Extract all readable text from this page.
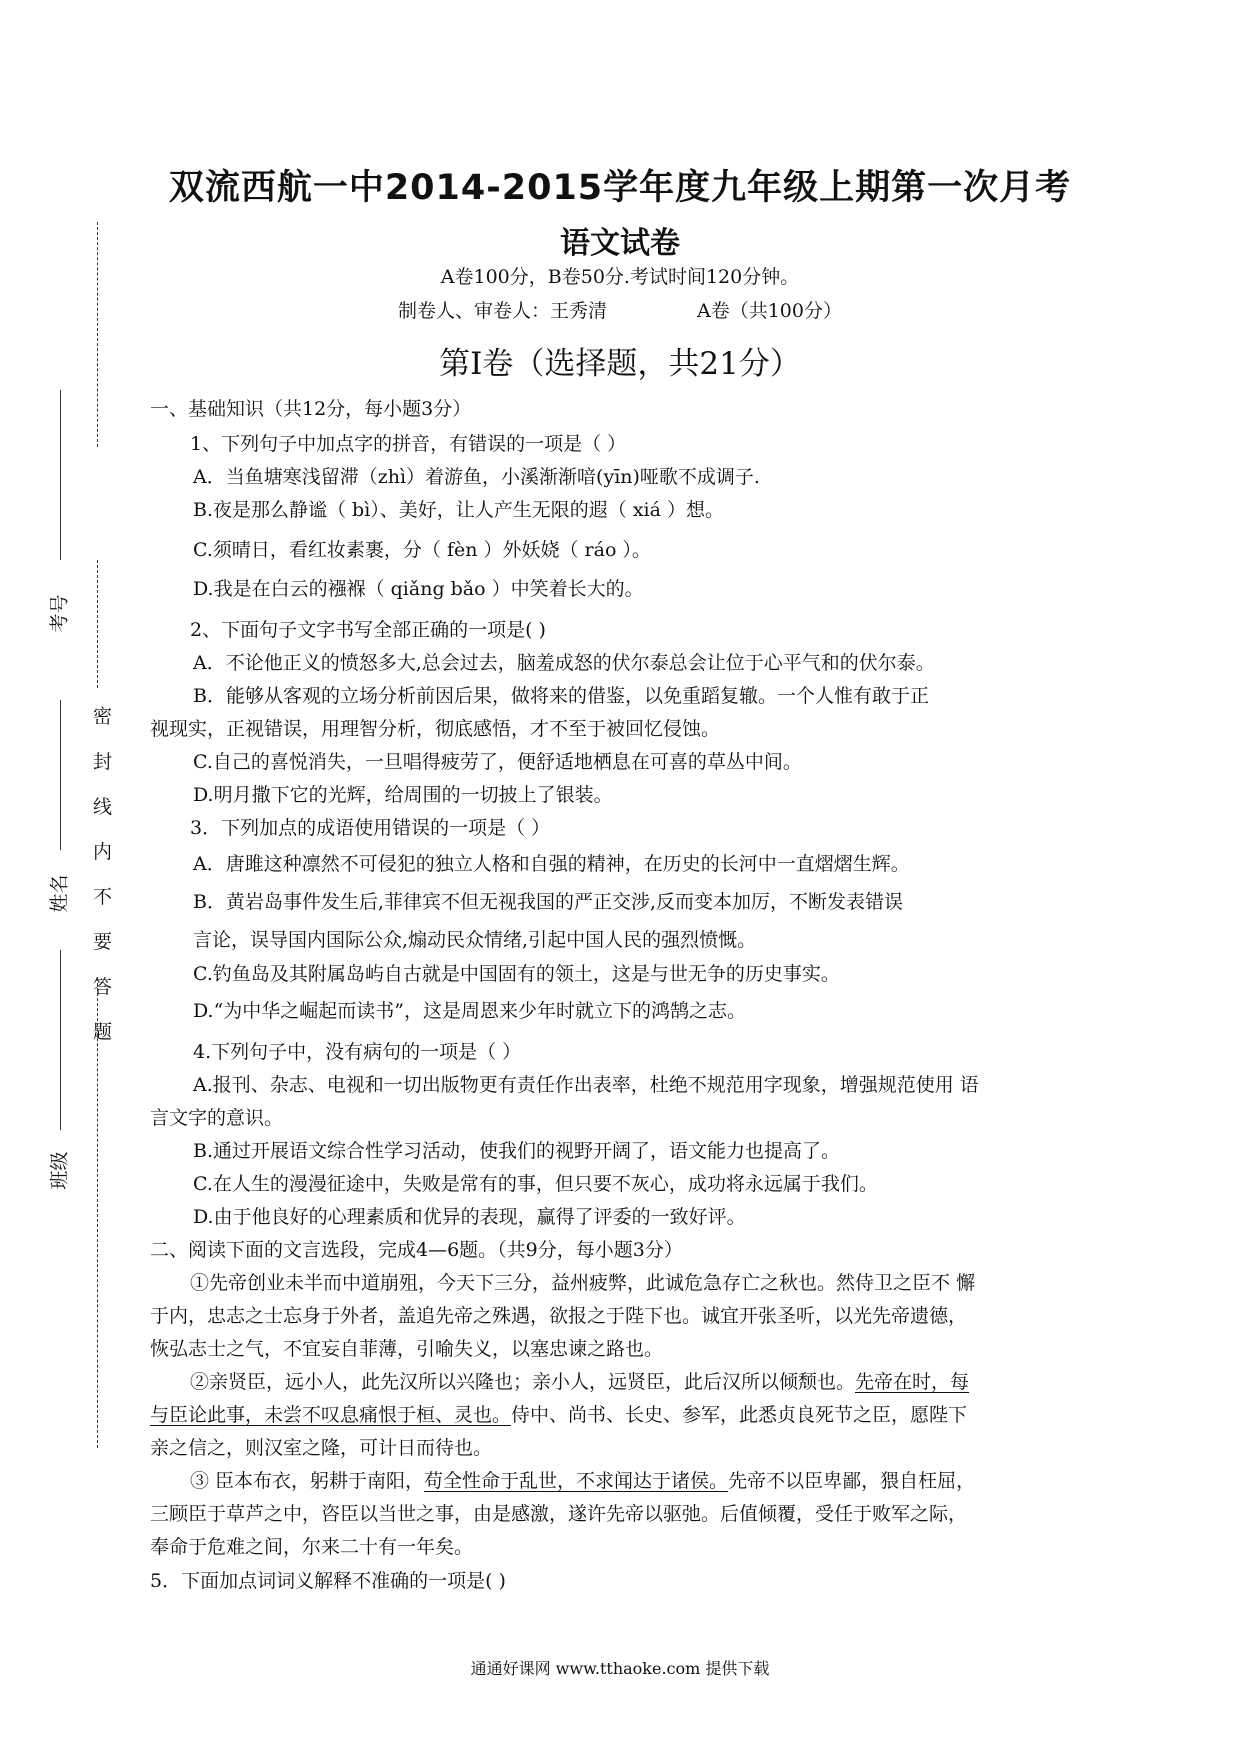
双流西航一中2014-2015学年度九年级上期第一次月考
语文试卷
A卷100分，B卷50分.考试时间120分钟。
制卷人、审卷人：王秀清	A卷（共100分）
第Ⅰ卷（选择题，共21分）
一、基础知识（共12分，每小题3分）
1、下列句子中加点字的拼音，有错误的一项是（ ）
A．当鱼塘寒浅留滞（zhì）着游鱼，小溪渐渐喑(yīn)哑歌不成调子.
B.夜是那么静谧（ bì）、美好，让人产生无限的遐（ xiá ）想。
C.须晴日，看红妆素裹，分（ fèn ）外妖娆（ ráo ）。
D.我是在白云的襁褓（ qiǎng bǎo ）中笑着长大的。
2、下面句子文字书写全部正确的一项是( )
A．不论他正义的愤怒多大,总会过去，脑羞成怒的伏尔泰总会让位于心平气和的伏尔泰。
B．能够从客观的立场分析前因后果，做将来的借鉴，以免重蹈复辙。一个人惟有敢于正
视现实，正视错误，用理智分析，彻底感悟，才不至于被回忆侵蚀。
C.自己的喜悦消失，一旦唱得疲劳了，便舒适地栖息在可喜的草丛中间。
D.明月撒下它的光辉，给周围的一切披上了银装。
3．下列加点的成语使用错误的一项是（ ）
A．唐雎这种凛然不可侵犯的独立人格和自强的精神，在历史的长河中一直熠熠生辉。
B．黄岩岛事件发生后,菲律宾不但无视我国的严正交涉,反而变本加厉，不断发表错误
言论，误导国内国际公众,煽动民众情绪,引起中国人民的强烈愤慨。
C.钓鱼岛及其附属岛屿自古就是中国固有的领土，这是与世无争的历史事实。
D.“为中华之崛起而读书”，这是周恩来少年时就立下的鸿鹄之志。
4.下列句子中，没有病句的一项是（ ）
A.报刊、杂志、电视和一切出版物更有责任作出表率，杜绝不规范用字现象，增强规范使用 语
言文字的意识。
B.通过开展语文综合性学习活动，使我们的视野开阔了，语文能力也提高了。
C.在人生的漫漫征途中，失败是常有的事，但只要不灰心，成功将永远属于我们。
D.由于他良好的心理素质和优异的表现，赢得了评委的一致好评。
二、阅读下面的文言选段，完成4—6题。（共9分，每小题3分）
①先帝创业未半而中道崩殂，今天下三分，益州疲弊，此诚危急存亡之秋也。然侍卫之臣不 懈
于内，忠志之士忘身于外者，盖追先帝之殊遇，欲报之于陛下也。诚宜开张圣听，以光先帝遗德，
恢弘志士之气，不宜妄自菲薄，引喻失义，以塞忠谏之路也。
②亲贤臣，远小人，此先汉所以兴隆也；亲小人，远贤臣，此后汉所以倾颓也。先帝在时，每
与臣论此事，未尝不叹息痛恨于桓、灵也。侍中、尚书、长史、参军，此悉贞良死节之臣，愿陛下
亲之信之，则汉室之隆，可计日而待也。
③ 臣本布衣，躬耕于南阳，苟全性命于乱世，不求闻达于诸侯。先帝不以臣卑鄙，猥自枉屈，
三顾臣于草芦之中，咨臣以当世之事，由是感激，遂许先帝以驱弛。后值倾覆，受任于败军之际，
奉命于危难之间，尔来二十有一年矣。
5．下面加点词词义解释不准确的一项是( )
考号
姓名 密 封 线 内 不 要 答 题
班级
通通好课网 www.tthaoke.com 提供下载
